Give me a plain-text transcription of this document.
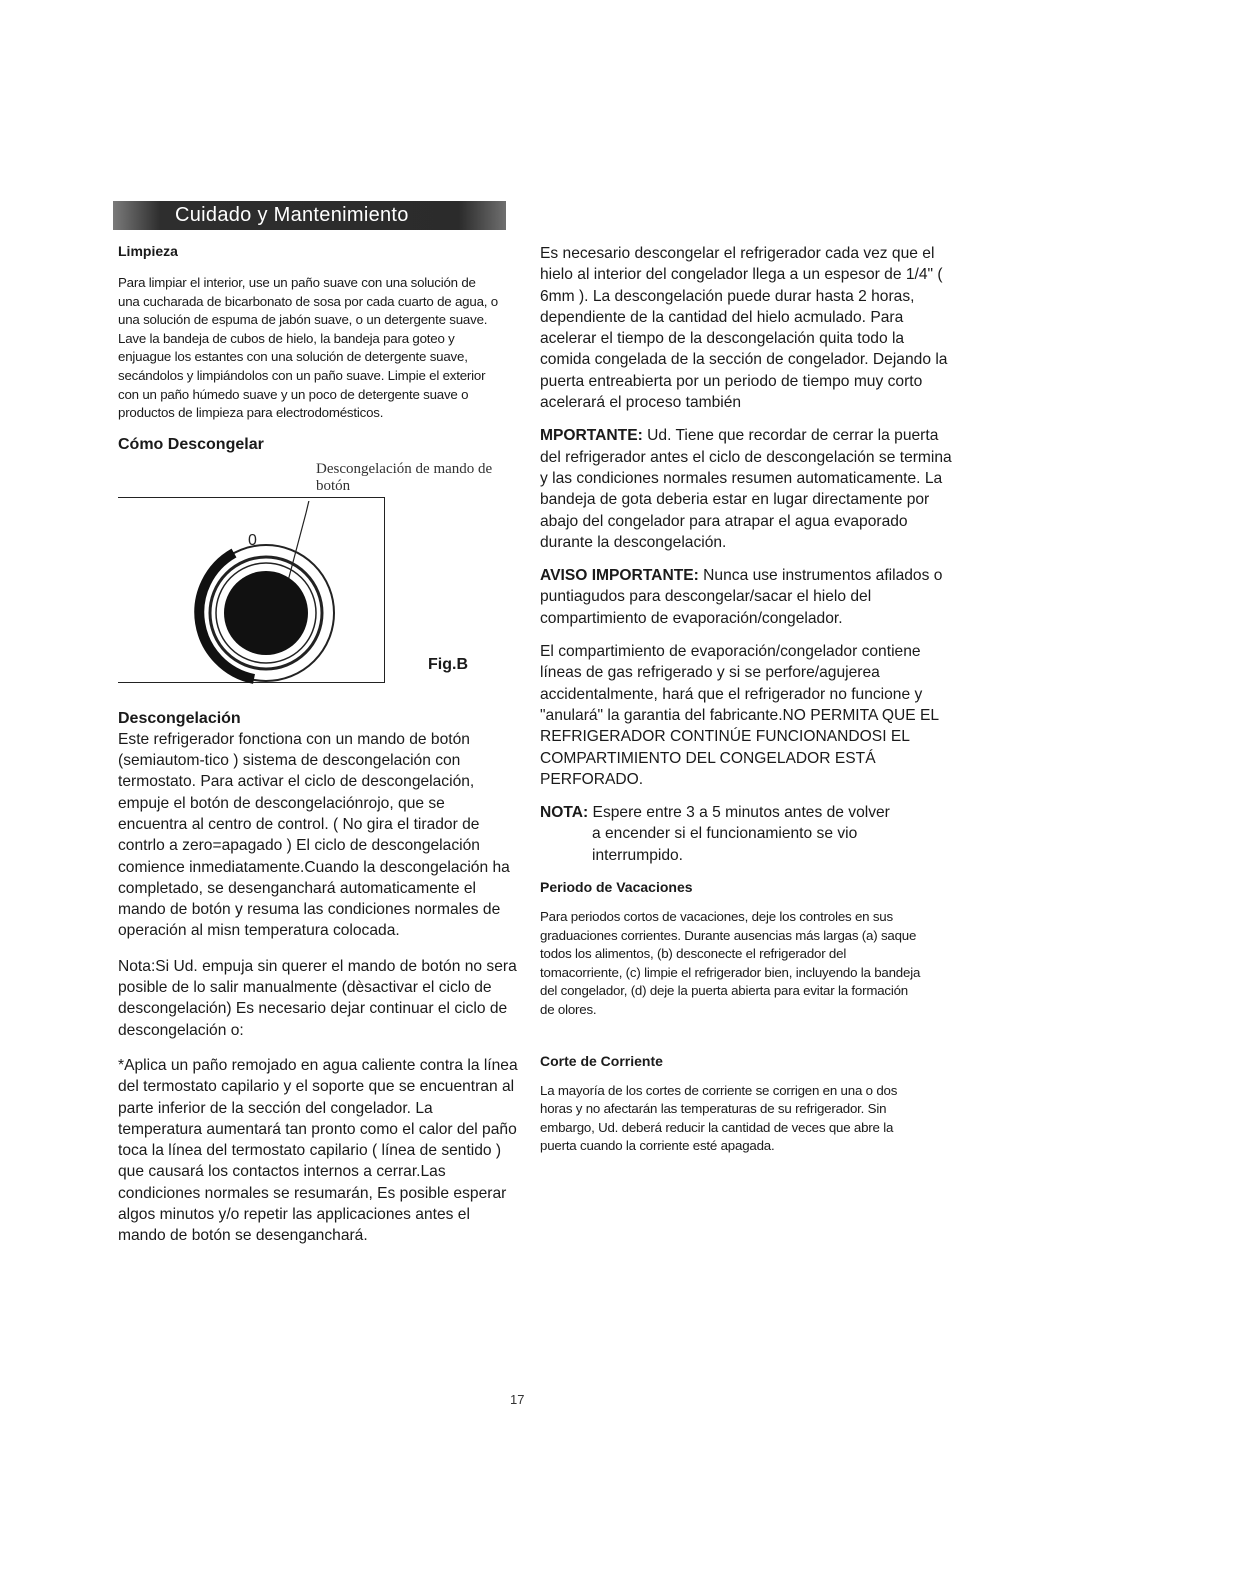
Cuidado y Mantenimiento

Limpieza

Para limpiar el interior, use un paño suave con una solución de una cucharada de bicarbonato de sosa por cada cuarto de agua, o una solución de espuma de jabón suave, o un detergente suave. Lave la bandeja de cubos de hielo, la bandeja para goteo y enjuague los estantes con una solución de detergente suave, secándolos y limpiándolos con un paño suave. Limpie el exterior con un paño húmedo suave y un poco de detergente suave o productos de limpieza para electrodomésticos.

Cómo Descongelar

Descongelación de mando de botón
0
Fig.B

Descongelación

Este refrigerador fonctiona con un mando de botón (semiautom-tico ) sistema de descongelación con termostato. Para activar el ciclo de descongelación, empuje el botón de descongelaciónrojo, que se encuentra al centro de control. ( No gira el tirador de contrlo a zero=apagado ) El ciclo de descongelación comience inmediatamente.Cuando la descongelación ha completado, se desenganchará automaticamente el mando de botón y resuma las condiciones normales de operación al misn temperatura colocada.

Nota:Si Ud. empuja sin querer el mando de botón no sera posible de lo salir manualmente (dèsactivar el ciclo de descongelación) Es necesario dejar continuar el ciclo de descongelación o:

*Aplica un paño remojado en agua caliente contra la línea del termostato capilario y el soporte que se encuentran al parte inferior de la sección del congelador. La temperatura aumentará tan pronto como el calor del paño toca la línea del termostato capilario ( línea de sentido ) que causará los contactos internos a cerrar.Las condiciones normales se resumarán, Es posible esperar algos minutos y/o repetir las applicaciones antes el mando de botón se desenganchará.

Es necesario descongelar el refrigerador cada vez que el hielo al interior del congelador llega a un espesor de 1/4" ( 6mm ). La descongelación puede durar hasta 2 horas, dependiente de la cantidad del hielo acmulado. Para acelerar el tiempo de la descongelación quita todo la comida congelada de la sección de congelador. Dejando la puerta entreabierta por un periodo de tiempo muy corto acelerará el proceso también

MPORTANTE: Ud. Tiene que recordar de cerrar la puerta del refrigerador antes el ciclo de descongelación se termina y las condiciones normales resumen automaticamente. La bandeja de gota deberia estar en lugar directamente por abajo del congelador para atrapar el agua evaporado durante la descongelación.

AVISO IMPORTANTE: Nunca use instrumentos afilados o puntiagudos para descongelar/sacar el hielo del compartimiento de evaporación/congelador.

El compartimiento de evaporación/congelador contiene líneas de gas refrigerado y si se perfore/agujerea accidentalmente, hará que el refrigerador no funcione y "anulará" la garantia del fabricante.NO PERMITA QUE EL REFRIGERADOR CONTINÚE FUNCIONANDOSI EL COMPARTIMIENTO DEL CONGELADOR ESTÁ PERFORADO.

NOTA: Espere entre 3 a 5 minutos antes de volver
a encender si el funcionamiento se vio interrumpido.

Periodo de Vacaciones

Para periodos cortos de vacaciones, deje los controles en sus graduaciones corrientes. Durante ausencias más largas (a) saque todos los alimentos, (b) desconecte el refrigerador del tomacorriente, (c) limpie el refrigerador bien, incluyendo la bandeja del congelador, (d) deje la puerta abierta para evitar la formación de olores.

Corte de Corriente

La mayoría de los cortes de corriente se corrigen en una o dos horas y no afectarán las temperaturas de su refrigerador. Sin embargo, Ud. deberá reducir la cantidad de veces que abre la puerta cuando la corriente esté apagada.

17
